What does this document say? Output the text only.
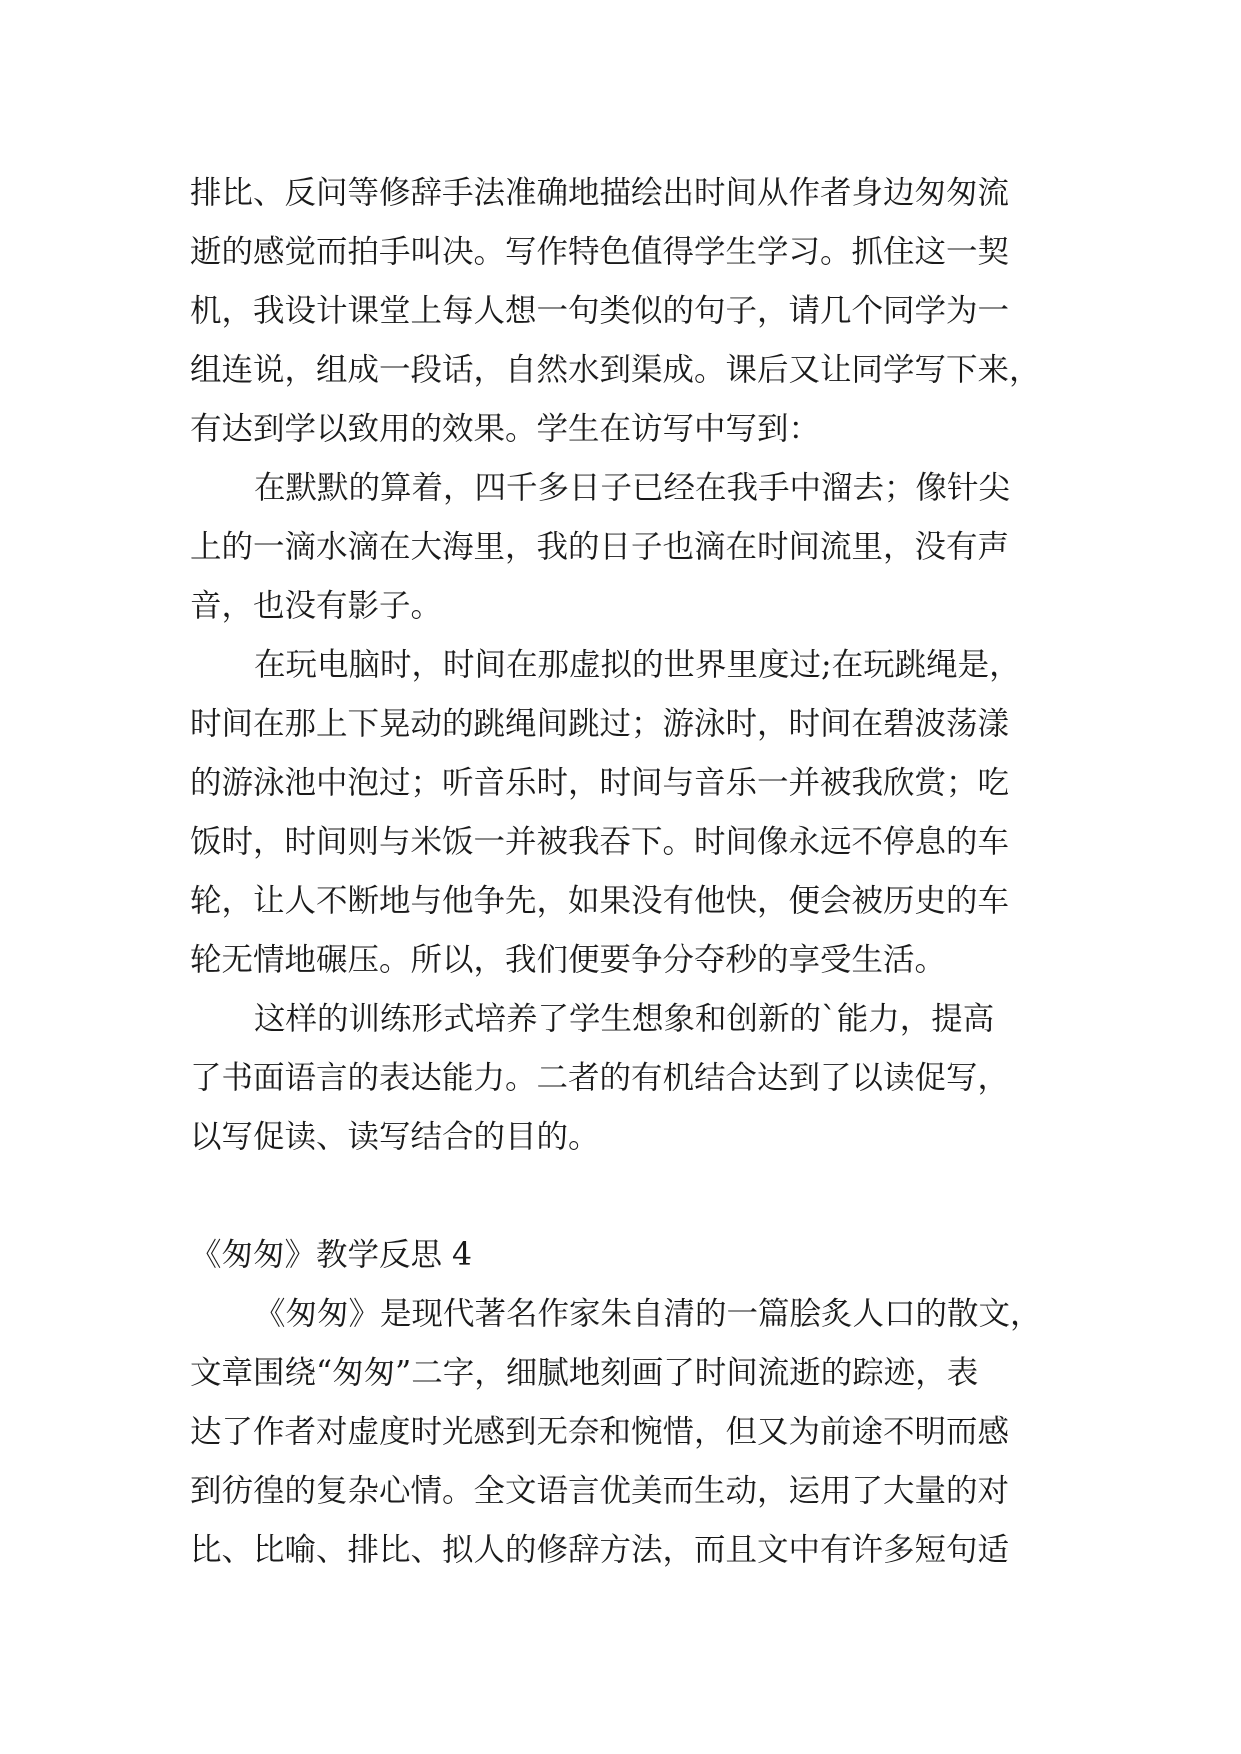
排比、反问等修辞手法准确地描绘出时间从作者身边匆匆流
逝的感觉而拍手叫决。写作特色值得学生学习。抓住这一契
机，我设计课堂上每人想一句类似的句子，请几个同学为一
组连说，组成一段话，自然水到渠成。课后又让同学写下来，
有达到学以致用的效果。学生在访写中写到：
在默默的算着，四千多日子已经在我手中溜去；像针尖
上的一滴水滴在大海里，我的日子也滴在时间流里，没有声
音，也没有影子。
在玩电脑时，时间在那虚拟的世界里度过;在玩跳绳是，
时间在那上下晃动的跳绳间跳过；游泳时，时间在碧波荡漾
的游泳池中泡过；听音乐时，时间与音乐一并被我欣赏；吃
饭时，时间则与米饭一并被我吞下。时间像永远不停息的车
轮，让人不断地与他争先，如果没有他快，便会被历史的车
轮无情地碾压。所以，我们便要争分夺秒的享受生活。
这样的训练形式培养了学生想象和创新的`能力，提高
了书面语言的表达能力。二者的有机结合达到了以读促写，
以写促读、读写结合的目的。
《匆匆》教学反思 4
《匆匆》是现代著名作家朱自清的一篇脍炙人口的散文，
文章围绕“匆匆”二字，细腻地刻画了时间流逝的踪迹，表
达了作者对虚度时光感到无奈和惋惜，但又为前途不明而感
到彷徨的复杂心情。全文语言优美而生动，运用了大量的对
比、比喻、排比、拟人的修辞方法，而且文中有许多短句适
